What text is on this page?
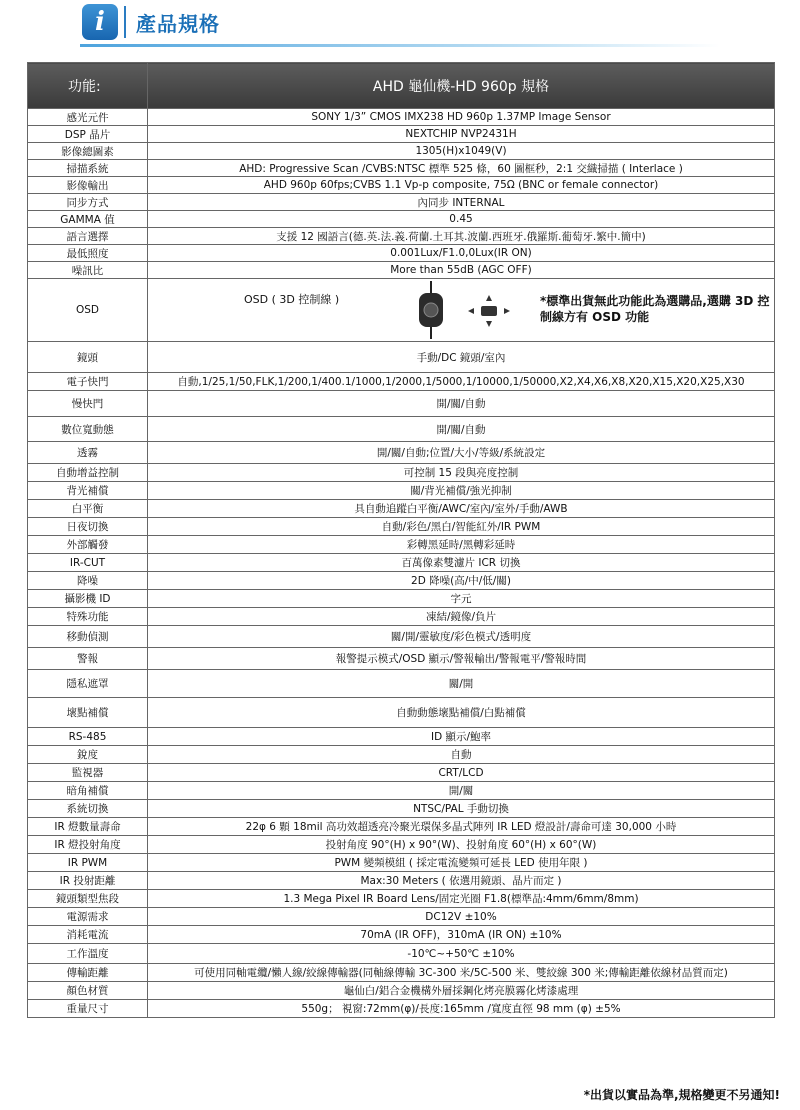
i	產品規格
功能:	AHD 龜仙機-HD 960p 規格
感光元件	SONY 1/3” CMOS IMX238 HD 960p 1.37MP Image Sensor
DSP 晶片	NEXTCHIP NVP2431H
影像總圖素	1305(H)x1049(V)
掃描系統	AHD: Progressive Scan /CVBS:NTSC 標準 525 條，60 圖框秒，2:1 交織掃描 ( Interlace )
影像輸出	AHD 960p 60fps;CVBS 1.1 Vp-p composite, 75Ω (BNC or female connector)
同步方式	內同步 INTERNAL
GAMMA 值	0.45
語言選擇	支援 12 國語言(德.英.法.義.荷蘭.土耳其.波蘭.西班牙.俄羅斯.葡萄牙.繁中.簡中)
最低照度	0.001Lux/F1.0,0Lux(IR ON)
噪訊比	More than 55dB (AGC OFF)
OSD	OSD ( 3D 控制線 ) *標準出貨無此功能此為選購品,選購 3D 控制線方有 OSD 功能

鏡頭	手動/DC 鏡頭/室內
電子快門	自動,1/25,1/50,FLK,1/200,1/400.1/1000,1/2000,1/5000,1/10000,1/50000,X2,X4,X6,X8,X20,X15,X20,X25,X30
慢快門	開/關/自動
數位寬動態	開/關/自動
透霧	開/關/自動;位置/大小/等級/系統設定
自動增益控制	可控制 15 段與亮度控制
背光補償	關/背光補償/強光抑制
白平衡	具自動追蹤白平衡/AWC/室內/室外/手動/AWB
日夜切換	自動/彩色/黑白/智能紅外/IR PWM
外部觸發	彩轉黑延時/黑轉彩延時
IR-CUT	百萬像素雙濾片 ICR 切換
降噪	2D 降噪(高/中/低/關)
攝影機 ID	字元
特殊功能	凍結/鏡像/負片
移動偵測	關/開/靈敏度/彩色模式/透明度
警報	報警提示模式/OSD 顯示/警報輸出/警報電平/警報時間
隱私遮罩	關/開
壞點補償	自動動態壞點補償/白點補償
RS-485	ID 顯示/鮑率
銳度	自動
監視器	CRT/LCD
暗角補償	開/關
系統切換	NTSC/PAL 手動切換
IR 燈數量壽命	22φ 6 顆 18mil 高功效超透亮冷聚光環保多晶式陣列 IR LED 燈設計/壽命可達 30,000 小時
IR 燈投射角度	投射角度 90°(H) x 90°(W)、投射角度 60°(H) x 60°(W)
IR PWM	PWM 變頻模組 ( 採定電流變頻可延長 LED 使用年限 )
IR 投射距離	Max:30 Meters ( 依選用鏡頭、晶片而定 )
鏡頭類型焦段	1.3 Mega Pixel IR Board Lens/固定光圈 F1.8(標準品:4mm/6mm/8mm)
電源需求	DC12V ±10%
消耗電流	70mA (IR OFF)，310mA (IR ON) ±10%
工作溫度	-10℃~+50℃ ±10%
傳輸距離	可使用同軸電纜/懶人線/絞線傳輸器(同軸線傳輸 3C-300 米/5C-500 米、雙絞線 300 米;傳輸距離依線材品質而定)
顏色材質	龜仙白/鋁合金機構外層採鋼化烤亮膜霧化烤漆處理
重量尺寸	550g； 視窗:72mm(φ)/長度:165mm /寬度直徑 98 mm (φ) ±5%
*出貨以實品為準,規格變更不另通知!
